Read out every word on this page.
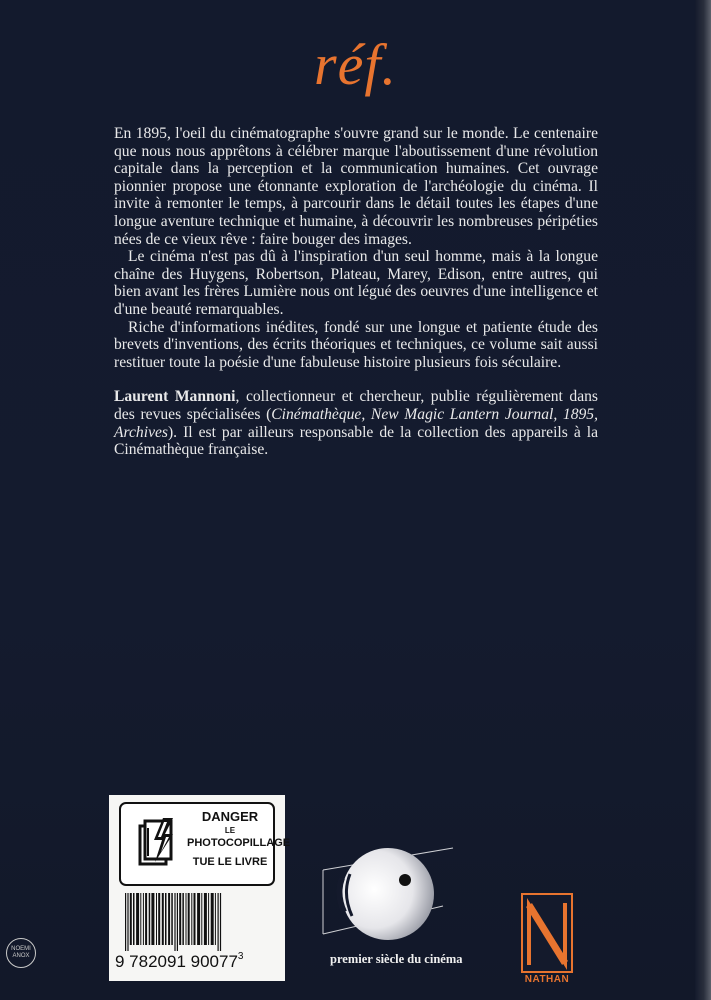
réf.

En 1895, l'oeil du cinématographe s'ouvre grand sur le monde. Le centenaire que nous nous apprêtons à célébrer marque l'aboutissement d'une révolution capitale dans la perception et la communication humaines. Cet ouvrage pionnier propose une étonnante exploration de l'archéologie du cinéma. Il invite à remonter le temps, à parcourir dans le détail toutes les étapes d'une longue aventure technique et humaine, à découvrir les nombreuses péripéties nées de ce vieux rêve : faire bouger des images.

Le cinéma n'est pas dû à l'inspiration d'un seul homme, mais à la longue chaîne des Huygens, Robertson, Plateau, Marey, Edison, entre autres, qui bien avant les frères Lumière nous ont légué des oeuvres d'une intelligence et d'une beauté remarquables.

Riche d'informations inédites, fondé sur une longue et patiente étude des brevets d'inventions, des écrits théoriques et techniques, ce volume sait aussi restituer toute la poésie d'une fabuleuse histoire plusieurs fois séculaire.

Laurent Mannoni, collectionneur et chercheur, publie régulièrement dans des revues spécialisées (Cinémathèque, New Magic Lantern Journal, 1895, Archives). Il est par ailleurs responsable de la collection des appareils à la Cinémathèque française.

DANGER
LE
PHOTOCOPILLAGE
TUE LE LIVRE
9 782091 90077$^3$
NOEMI
ANOX	premier siècle du cinéma
NATHAN
